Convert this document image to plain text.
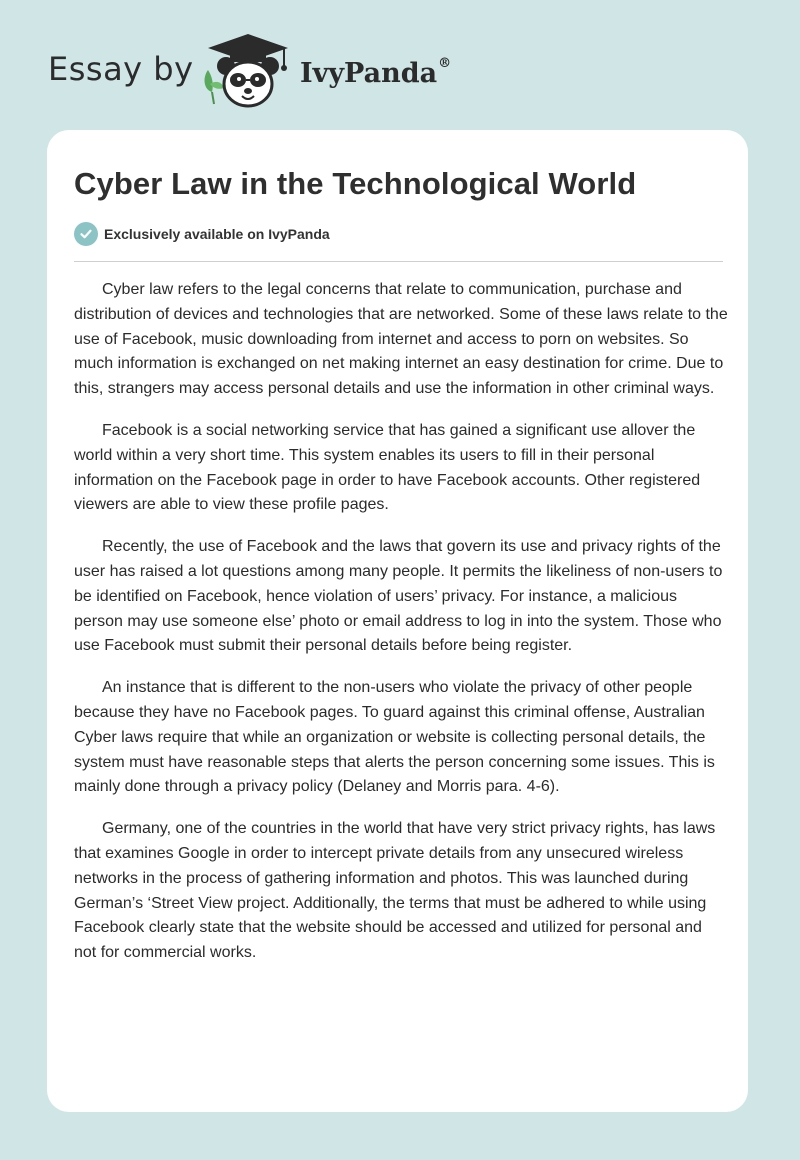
Essay by	IvyPanda®
Cyber Law in the Technological World
Exclusively available on IvyPanda

Cyber law refers to the legal concerns that relate to communication, purchase and distribution of devices and technologies that are networked. Some of these laws relate to the use of Facebook, music downloading from internet and access to porn on websites. So much information is exchanged on net making internet an easy destination for crime. Due to this, strangers may access personal details and use the information in other criminal ways.

Facebook is a social networking service that has gained a significant use allover the world within a very short time. This system enables its users to fill in their personal information on the Facebook page in order to have Facebook accounts. Other registered viewers are able to view these profile pages.

Recently, the use of Facebook and the laws that govern its use and privacy rights of the user has raised a lot questions among many people. It permits the likeliness of non-users to be identified on Facebook, hence violation of users’ privacy. For instance, a malicious person may use someone else’ photo or email address to log in into the system. Those who use Facebook must submit their personal details before being register.

An instance that is different to the non-users who violate the privacy of other people because they have no Facebook pages. To guard against this criminal offense, Australian Cyber laws require that while an organization or website is collecting personal details, the system must have reasonable steps that alerts the person concerning some issues. This is mainly done through a privacy policy (Delaney and Morris para. 4-6).

Germany, one of the countries in the world that have very strict privacy rights, has laws that examines Google in order to intercept private details from any unsecured wireless networks in the process of gathering information and photos. This was launched during German’s ‘Street View project. Additionally, the terms that must be adhered to while using Facebook clearly state that the website should be accessed and utilized for personal and not for commercial works.
